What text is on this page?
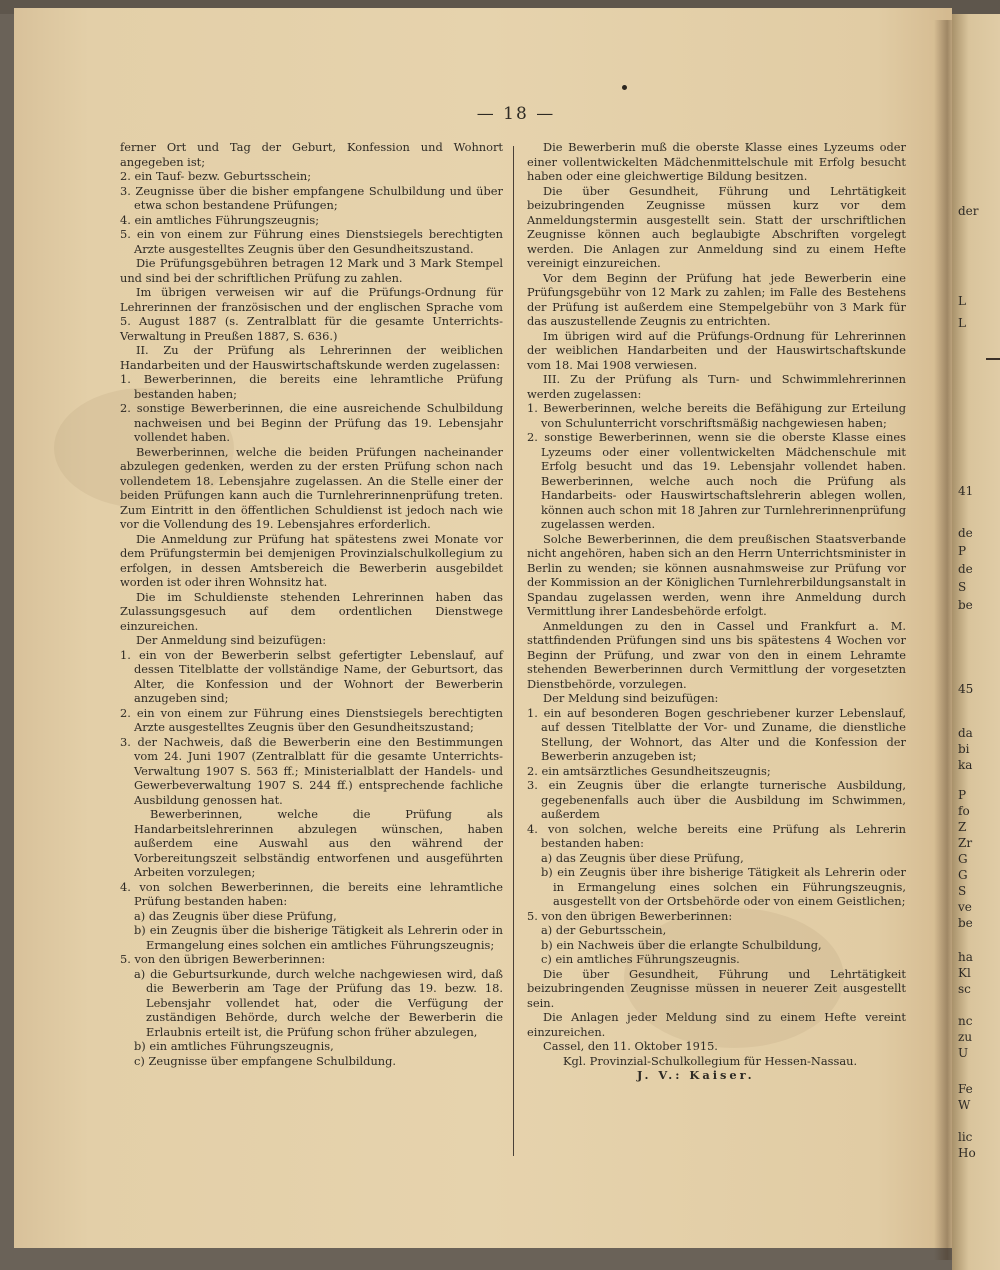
der
L
L
41
de
P
de
S
be
45
da
bi
ka
P
fo
Z
Zr
G
G
S
ve
be
ha
Kl
sc
nc
zu
U
Fe
W
lic
Ho
— 18 —

ferner Ort und Tag der Geburt, Konfession und Wohnort angegeben ist;

2. ein Tauf- bezw. Geburtsschein;

3. Zeugnisse über die bisher empfangene Schulbildung und über etwa schon bestandene Prüfungen;

4. ein amtliches Führungszeugnis;

5. ein von einem zur Führung eines Dienstsiegels berechtigten Arzte ausgestelltes Zeugnis über den Gesundheitszustand.

Die Prüfungsgebühren betragen 12 Mark und 3 Mark Stempel und sind bei der schriftlichen Prüfung zu zahlen.

Im übrigen verweisen wir auf die Prüfungs-Ordnung für Lehrerinnen der französischen und der englischen Sprache vom 5. August 1887 (s. Zentralblatt für die gesamte Unterrichts-Verwaltung in Preußen 1887, S. 636.)

II. Zu der Prüfung als Lehrerinnen der weiblichen Handarbeiten und der Hauswirtschaftskunde werden zugelassen:

1. Bewerberinnen, die bereits eine lehramtliche Prüfung bestanden haben;

2. sonstige Bewerberinnen, die eine ausreichende Schulbildung nachweisen und bei Beginn der Prüfung das 19. Lebensjahr vollendet haben.

Bewerberinnen, welche die beiden Prüfungen nacheinander abzulegen gedenken, werden zu der ersten Prüfung schon nach vollendetem 18. Lebensjahre zugelassen. An die Stelle einer der beiden Prüfungen kann auch die Turnlehrerinnenprüfung treten. Zum Eintritt in den öffentlichen Schuldienst ist jedoch nach wie vor die Vollendung des 19. Lebensjahres erforderlich.

Die Anmeldung zur Prüfung hat spätestens zwei Monate vor dem Prüfungstermin bei demjenigen Provinzialschulkollegium zu erfolgen, in dessen Amtsbereich die Bewerberin ausgebildet worden ist oder ihren Wohnsitz hat.

Die im Schuldienste stehenden Lehrerinnen haben das Zulassungsgesuch auf dem ordentlichen Dienstwege einzureichen.

Der Anmeldung sind beizufügen:

1. ein von der Bewerberin selbst gefertigter Lebenslauf, auf dessen Titelblatte der vollständige Name, der Geburtsort, das Alter, die Konfession und der Wohnort der Bewerberin anzugeben sind;

2. ein von einem zur Führung eines Dienstsiegels berechtigten Arzte ausgestelltes Zeugnis über den Gesundheitszustand;

3. der Nachweis, daß die Bewerberin eine den Bestimmungen vom 24. Juni 1907 (Zentralblatt für die gesamte Unterrichts-Verwaltung 1907 S. 563 ff.; Ministerialblatt der Handels- und Gewerbeverwaltung 1907 S. 244 ff.) entsprechende fachliche Ausbildung genossen hat.

Bewerberinnen, welche die Prüfung als Handarbeitslehrerinnen abzulegen wünschen, haben außerdem eine Auswahl aus den während der Vorbereitungszeit selbständig entworfenen und ausgeführten Arbeiten vorzulegen;

4. von solchen Bewerberinnen, die bereits eine lehramtliche Prüfung bestanden haben:

a) das Zeugnis über diese Prüfung,

b) ein Zeugnis über die bisherige Tätigkeit als Lehrerin oder in Ermangelung eines solchen ein amtliches Führungszeugnis;

5. von den übrigen Bewerberinnen:

a) die Geburtsurkunde, durch welche nachgewiesen wird, daß die Bewerberin am Tage der Prüfung das 19. bezw. 18. Lebensjahr vollendet hat, oder die Verfügung der zuständigen Behörde, durch welche der Bewerberin die Erlaubnis erteilt ist, die Prüfung schon früher abzulegen,

b) ein amtliches Führungszeugnis,

c) Zeugnisse über empfangene Schulbildung.

Die Bewerberin muß die oberste Klasse eines Lyzeums oder einer vollentwickelten Mädchenmittelschule mit Erfolg besucht haben oder eine gleichwertige Bildung besitzen.

Die über Gesundheit, Führung und Lehrtätigkeit beizubringenden Zeugnisse müssen kurz vor dem Anmeldungstermin ausgestellt sein. Statt der urschriftlichen Zeugnisse können auch beglaubigte Abschriften vorgelegt werden. Die Anlagen zur Anmeldung sind zu einem Hefte vereinigt einzureichen.

Vor dem Beginn der Prüfung hat jede Bewerberin eine Prüfungsgebühr von 12 Mark zu zahlen; im Falle des Bestehens der Prüfung ist außerdem eine Stempelgebühr von 3 Mark für das auszustellende Zeugnis zu entrichten.

Im übrigen wird auf die Prüfungs-Ordnung für Lehrerinnen der weiblichen Handarbeiten und der Hauswirtschaftskunde vom 18. Mai 1908 verwiesen.

III. Zu der Prüfung als Turn- und Schwimmlehrerinnen werden zugelassen:

1. Bewerberinnen, welche bereits die Befähigung zur Erteilung von Schulunterricht vorschriftsmäßig nachgewiesen haben;

2. sonstige Bewerberinnen, wenn sie die oberste Klasse eines Lyzeums oder einer vollentwickelten Mädchenschule mit Erfolg besucht und das 19. Lebensjahr vollendet haben. Bewerberinnen, welche auch noch die Prüfung als Handarbeits- oder Hauswirtschaftslehrerin ablegen wollen, können auch schon mit 18 Jahren zur Turnlehrerinnenprüfung zugelassen werden.

Solche Bewerberinnen, die dem preußischen Staatsverbande nicht angehören, haben sich an den Herrn Unterrichtsminister in Berlin zu wenden; sie können ausnahmsweise zur Prüfung vor der Kommission an der Königlichen Turnlehrerbildungsanstalt in Spandau zugelassen werden, wenn ihre Anmeldung durch Vermittlung ihrer Landesbehörde erfolgt.

Anmeldungen zu den in Cassel und Frankfurt a. M. stattfindenden Prüfungen sind uns bis spätestens 4 Wochen vor Beginn der Prüfung, und zwar von den in einem Lehramte stehenden Bewerberinnen durch Vermittlung der vorgesetzten Dienstbehörde, vorzulegen.

Der Meldung sind beizufügen:

1. ein auf besonderen Bogen geschriebener kurzer Lebenslauf, auf dessen Titelblatte der Vor- und Zuname, die dienstliche Stellung, der Wohnort, das Alter und die Konfession der Bewerberin anzugeben ist;

2. ein amtsärztliches Gesundheitszeugnis;

3. ein Zeugnis über die erlangte turnerische Ausbildung, gegebenenfalls auch über die Ausbildung im Schwimmen, außerdem

4. von solchen, welche bereits eine Prüfung als Lehrerin bestanden haben:

a) das Zeugnis über diese Prüfung,

b) ein Zeugnis über ihre bisherige Tätigkeit als Lehrerin oder in Ermangelung eines solchen ein Führungszeugnis, ausgestellt von der Ortsbehörde oder von einem Geistlichen;

5. von den übrigen Bewerberinnen:

a) der Geburtsschein,

b) ein Nachweis über die erlangte Schulbildung,

c) ein amtliches Führungszeugnis.

Die über Gesundheit, Führung und Lehrtätigkeit beizubringenden Zeugnisse müssen in neuerer Zeit ausgestellt sein.

Die Anlagen jeder Meldung sind zu einem Hefte vereint einzureichen.

Cassel, den 11. Oktober 1915.

Kgl. Provinzial-Schulkollegium für Hessen-Nassau.

J. V.: Kaiser.
